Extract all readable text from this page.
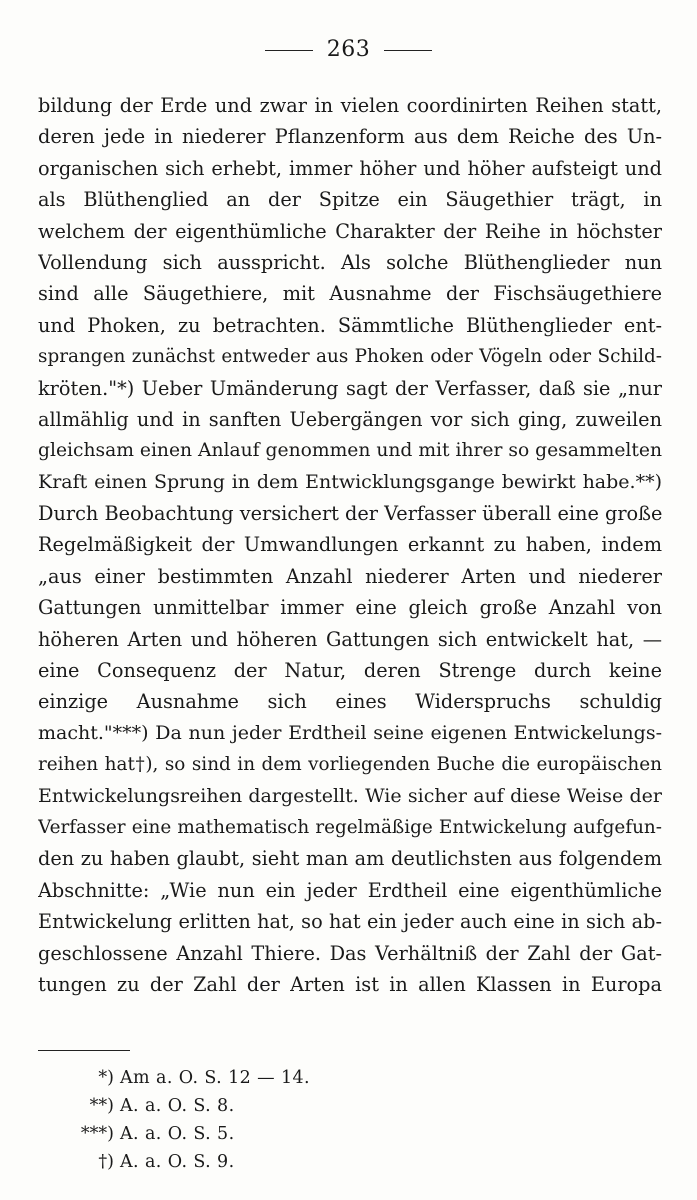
263
bildung der Erde und zwar in vielen coordinirten Reihen statt,
deren jede in niederer Pflanzenform aus dem Reiche des Un-
organischen sich erhebt, immer höher und höher aufsteigt und
als Blüthenglied an der Spitze ein Säugethier trägt, in
welchem der eigenthümliche Charakter der Reihe in höchster
Vollendung sich ausspricht. Als solche Blüthenglieder nun
sind alle Säugethiere, mit Ausnahme der Fischsäugethiere
und Phoken, zu betrachten. Sämmtliche Blüthenglieder ent-
sprangen zunächst entweder aus Phoken oder Vögeln oder Schild-
kröten."*) Ueber Umänderung sagt der Verfasser, daß sie „nur
allmählig und in sanften Uebergängen vor sich ging, zuweilen
gleichsam einen Anlauf genommen und mit ihrer so gesammelten
Kraft einen Sprung in dem Entwicklungsgange bewirkt habe.**)
Durch Beobachtung versichert der Verfasser überall eine große
Regelmäßigkeit der Umwandlungen erkannt zu haben, indem
„aus einer bestimmten Anzahl niederer Arten und niederer
Gattungen unmittelbar immer eine gleich große Anzahl von
höheren Arten und höheren Gattungen sich entwickelt hat, —
eine Consequenz der Natur, deren Strenge durch keine
einzige Ausnahme sich eines Widerspruchs schuldig
macht."***) Da nun jeder Erdtheil seine eigenen Entwickelungs-
reihen hat†), so sind in dem vorliegenden Buche die europäischen
Entwickelungsreihen dargestellt. Wie sicher auf diese Weise der
Verfasser eine mathematisch regelmäßige Entwickelung aufgefun-
den zu haben glaubt, sieht man am deutlichsten aus folgendem
Abschnitte: „Wie nun ein jeder Erdtheil eine eigenthümliche
Entwickelung erlitten hat, so hat ein jeder auch eine in sich ab-
geschlossene Anzahl Thiere. Das Verhältniß der Zahl der Gat-
tungen zu der Zahl der Arten ist in allen Klassen in Europa
*) Am a. O. S. 12 — 14.
**) A. a. O. S. 8.
***) A. a. O. S. 5.
†) A. a. O. S. 9.
